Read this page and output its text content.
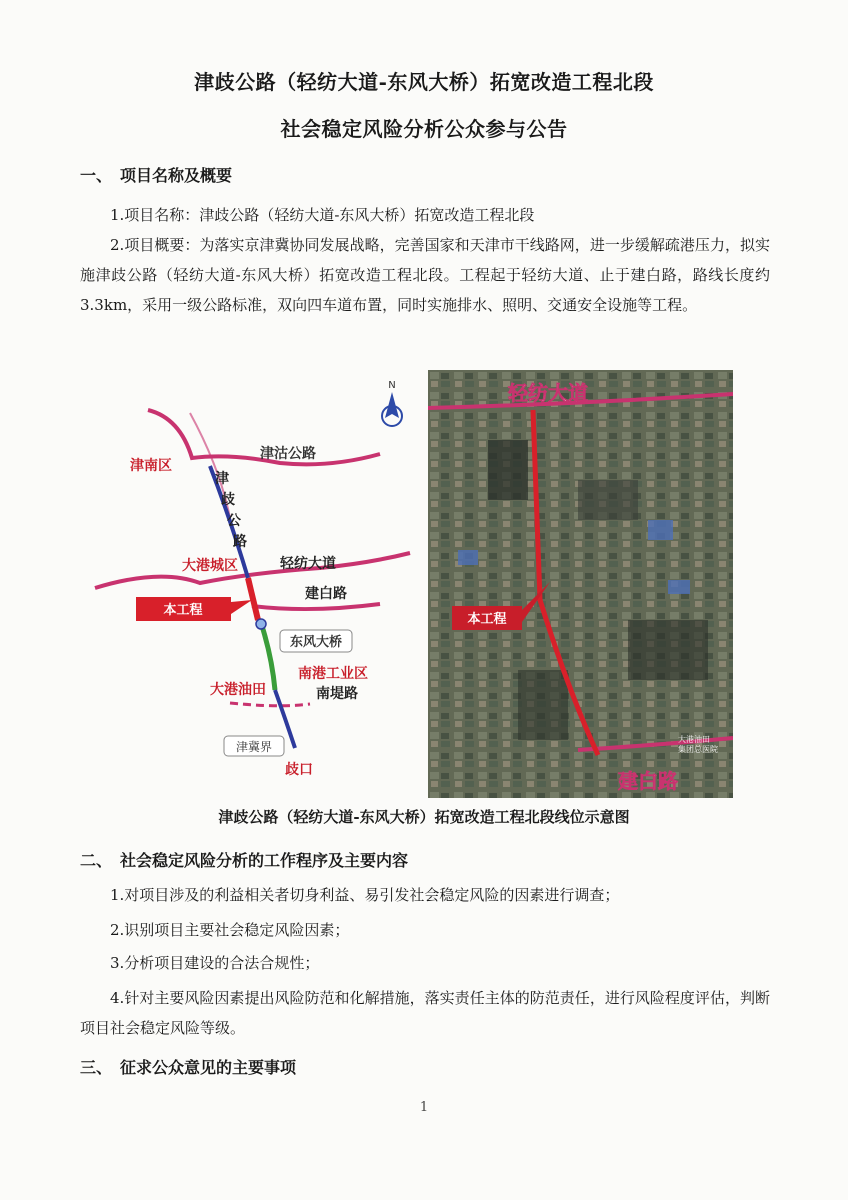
津歧公路（轻纺大道-东风大桥）拓宽改造工程北段
社会稳定风险分析公众参与公告
一、 项目名称及概要
1.项目名称：津歧公路（轻纺大道-东风大桥）拓宽改造工程北段
2.项目概要：为落实京津冀协同发展战略，完善国家和天津市干线路网，进一步缓解疏港压力，拟实施津歧公路（轻纺大道-东风大桥）拓宽改造工程北段。工程起于轻纺大道、止于建白路，路线长度约 3.3km，采用一级公路标准，双向四车道布置，同时实施排水、照明、交通安全设施等工程。
N
津南区
津沽公路
津
歧
公
路
大港城区	轻纺大道
建白路
本工程
东风大桥
南港工业区
大港油田	南堤路
津冀界
歧口
轻纺大道
建白路
本工程
大港油田
集团总医院
津歧公路（轻纺大道-东风大桥）拓宽改造工程北段线位示意图
二、 社会稳定风险分析的工作程序及主要内容
1.对项目涉及的利益相关者切身利益、易引发社会稳定风险的因素进行调查；
2.识别项目主要社会稳定风险因素；
3.分析项目建设的合法合规性；
4.针对主要风险因素提出风险防范和化解措施，落实责任主体的防范责任，进行风险程度评估，判断项目社会稳定风险等级。
三、 征求公众意见的主要事项
1
